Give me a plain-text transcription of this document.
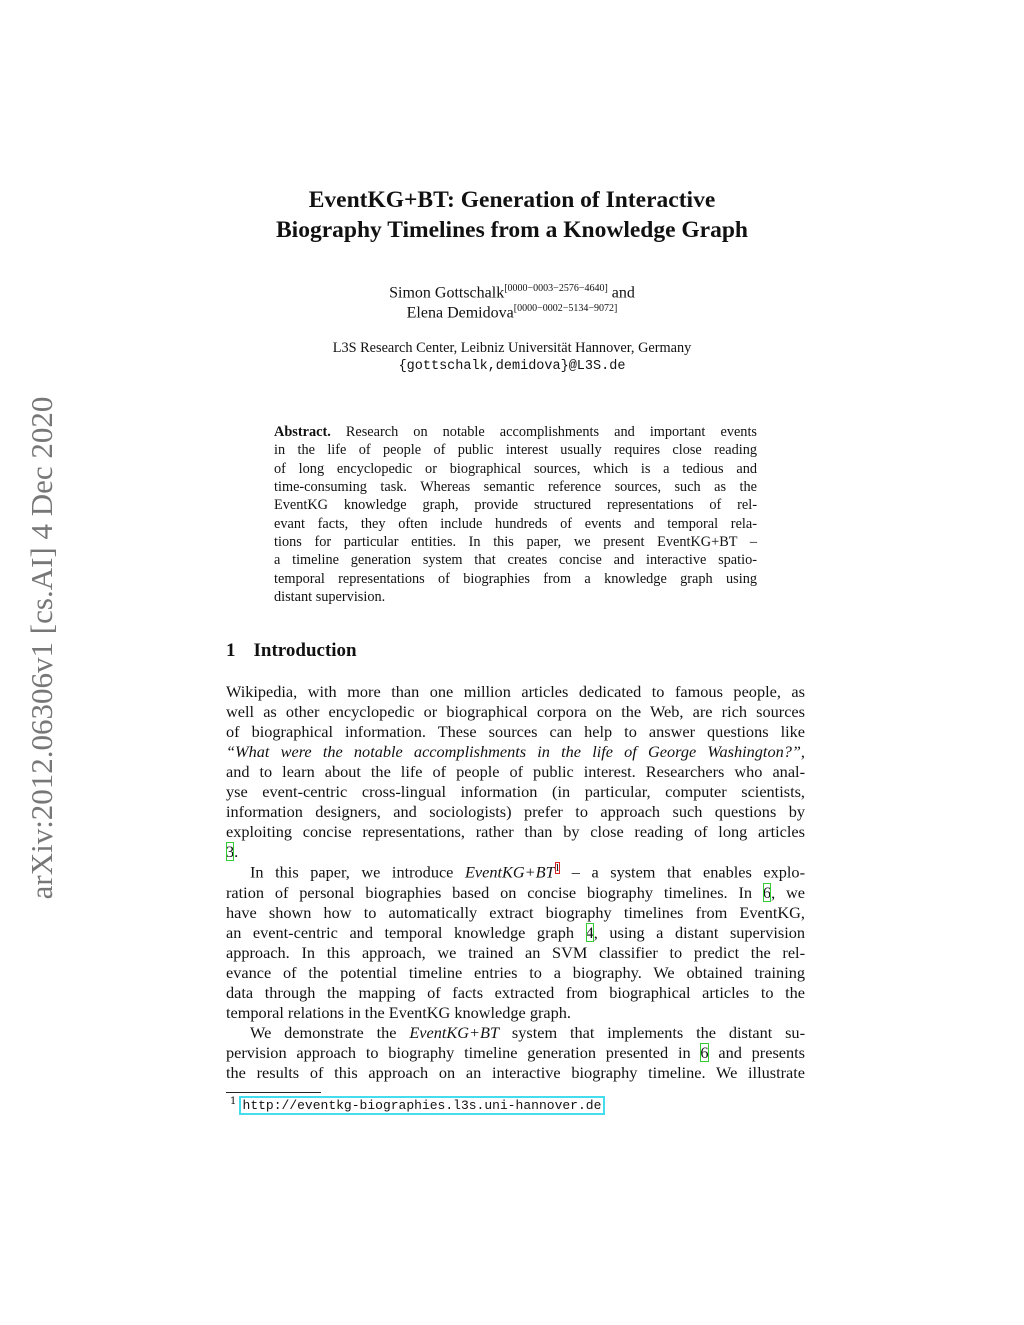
arXiv:2012.06306v1 [cs.AI] 4 Dec 2020
EventKG+BT: Generation of Interactive
Biography Timelines from a Knowledge Graph
Simon Gottschalk[0000−0003−2576−4640] and
Elena Demidova[0000−0002−5134−9072]
L3S Research Center, Leibniz Universität Hannover, Germany
{gottschalk,demidova}@L3S.de
Abstract. Research on notable accomplishments and important events
in the life of people of public interest usually requires close reading
of long encyclopedic or biographical sources, which is a tedious and
time-consuming task. Whereas semantic reference sources, such as the
EventKG knowledge graph, provide structured representations of rel-
evant facts, they often include hundreds of events and temporal rela-
tions for particular entities. In this paper, we present EventKG+BT –
a timeline generation system that creates concise and interactive spatio-
temporal representations of biographies from a knowledge graph using
distant supervision.
1 Introduction
Wikipedia, with more than one million articles dedicated to famous people, as
well as other encyclopedic or biographical corpora on the Web, are rich sources
of biographical information. These sources can help to answer questions like
“What were the notable accomplishments in the life of George Washington?”,
and to learn about the life of people of public interest. Researchers who anal-
yse event-centric cross-lingual information (in particular, computer scientists,
information designers, and sociologists) prefer to approach such questions by
exploiting concise representations, rather than by close reading of long articles
3.
In this paper, we introduce EventKG+BT$^1$ – a system that enables explo-
ration of personal biographies based on concise biography timelines. In 6, we
have shown how to automatically extract biography timelines from EventKG,
an event-centric and temporal knowledge graph 4, using a distant supervision
approach. In this approach, we trained an SVM classifier to predict the rel-
evance of the potential timeline entries to a biography. We obtained training
data through the mapping of facts extracted from biographical articles to the
temporal relations in the EventKG knowledge graph.
We demonstrate the EventKG+BT system that implements the distant su-
pervision approach to biography timeline generation presented in 6 and presents
the results of this approach on an interactive biography timeline. We illustrate
$^1$ http://eventkg-biographies.l3s.uni-hannover.de
